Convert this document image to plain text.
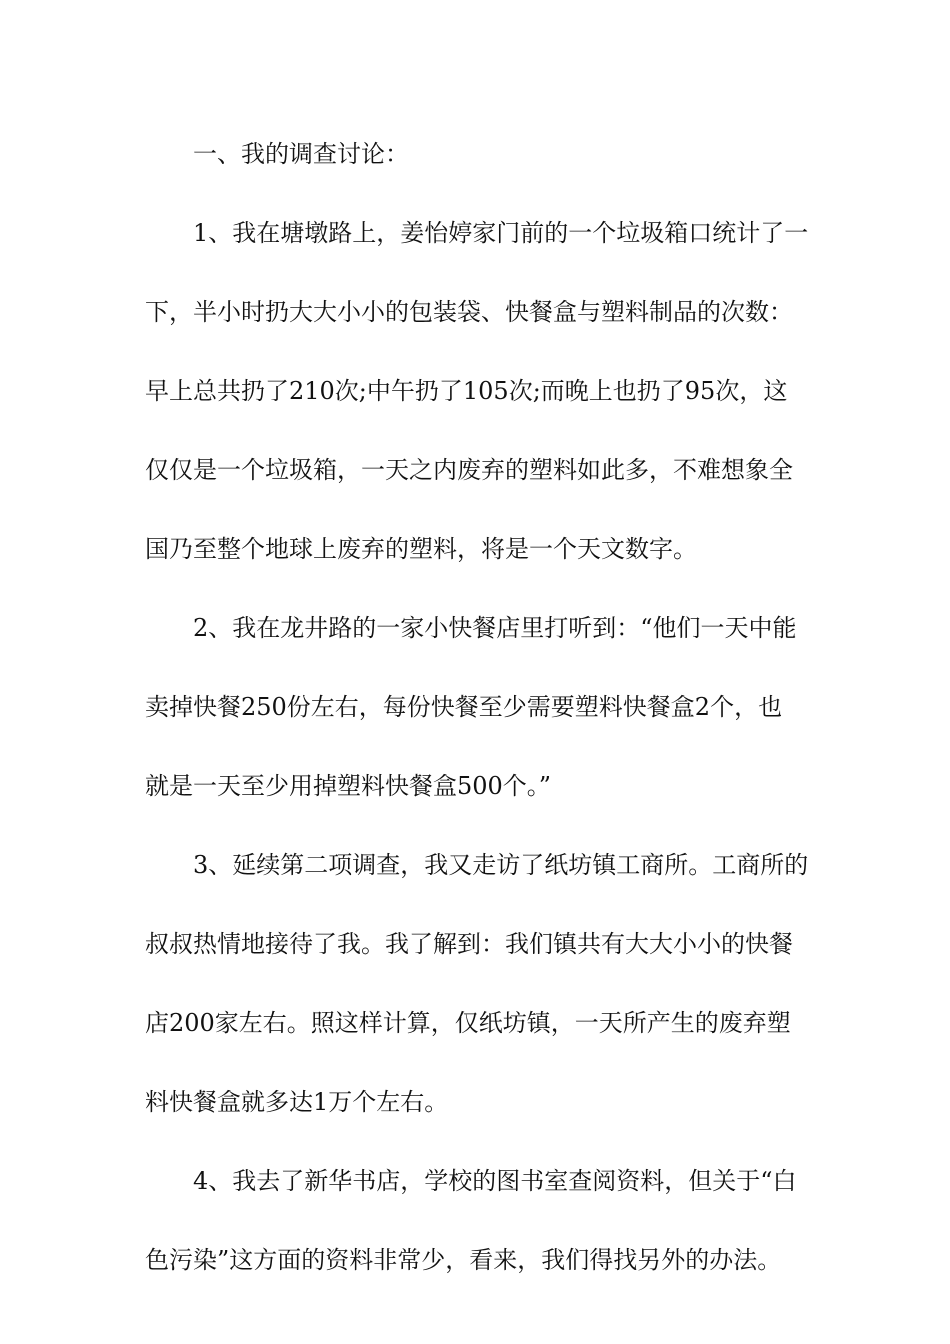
一、我的调查讨论：
1、我在塘墩路上，姜怡婷家门前的一个垃圾箱口统计了一
下，半小时扔大大小小的包装袋、快餐盒与塑料制品的次数：
早上总共扔了210次;中午扔了105次;而晚上也扔了95次，这
仅仅是一个垃圾箱，一天之内废弃的塑料如此多，不难想象全
国乃至整个地球上废弃的塑料，将是一个天文数字。
2、我在龙井路的一家小快餐店里打听到：“他们一天中能
卖掉快餐250份左右，每份快餐至少需要塑料快餐盒2个，也
就是一天至少用掉塑料快餐盒500个。”
3、延续第二项调查，我又走访了纸坊镇工商所。工商所的
叔叔热情地接待了我。我了解到：我们镇共有大大小小的快餐
店200家左右。照这样计算，仅纸坊镇，一天所产生的废弃塑
料快餐盒就多达1万个左右。
4、我去了新华书店，学校的图书室查阅资料，但关于“白
色污染”这方面的资料非常少，看来，我们得找另外的办法。
